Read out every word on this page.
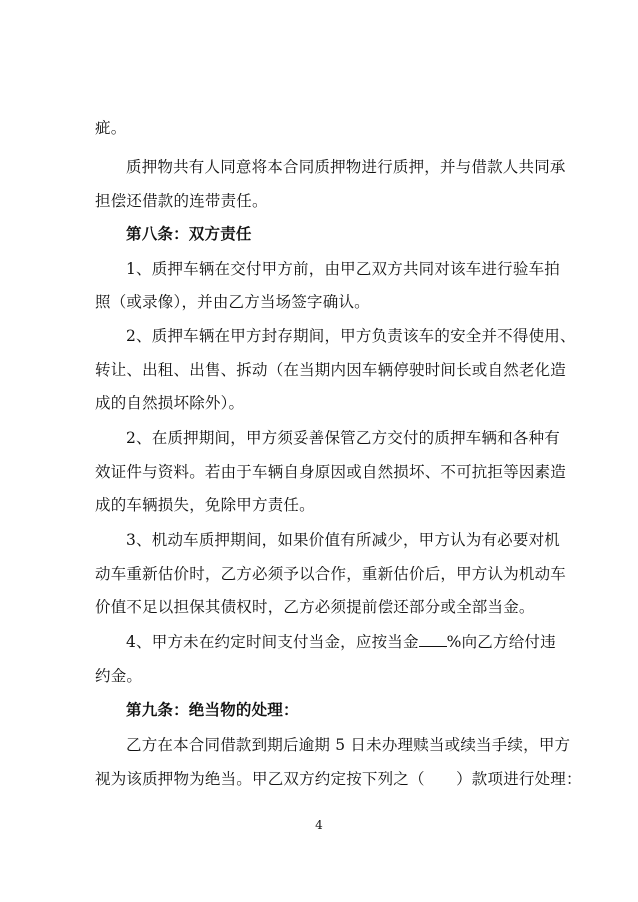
疵。
质押物共有人同意将本合同质押物进行质押，并与借款人共同承
担偿还借款的连带责任。
第八条：双方责任
1、质押车辆在交付甲方前，由甲乙双方共同对该车进行验车拍
照（或录像），并由乙方当场签字确认。
2、质押车辆在甲方封存期间，甲方负责该车的安全并不得使用、
转让、出租、出售、拆动（在当期内因车辆停驶时间长或自然老化造
成的自然损坏除外）。
2、在质押期间，甲方须妥善保管乙方交付的质押车辆和各种有
效证件与资料。若由于车辆自身原因或自然损坏、不可抗拒等因素造
成的车辆损失，免除甲方责任。
3、机动车质押期间，如果价值有所减少，甲方认为有必要对机
动车重新估价时，乙方必须予以合作，重新估价后，甲方认为机动车
价值不足以担保其债权时，乙方必须提前偿还部分或全部当金。
4、甲方未在约定时间支付当金，应按当金 %向乙方给付违
约金。
第九条：绝当物的处理：
乙方在本合同借款到期后逾期 5 日未办理赎当或续当手续，甲方
视为该质押物为绝当。甲乙双方约定按下列之（　　）款项进行处理：
4
